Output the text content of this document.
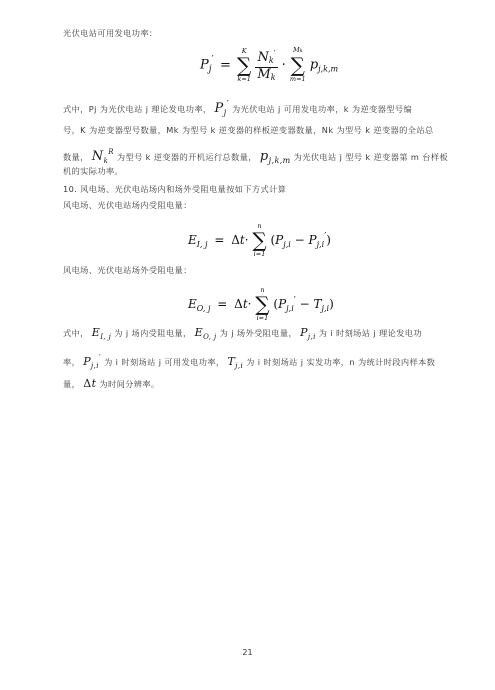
光伏电站可用发电功率：
$P_j'$ =
K
∑
k=1
$\frac{Nk'}{Mk}$ ·
Mk
∑
m=1
$p_{j,k,m}$
式中，Pj 为光伏电站 j 理论发电功率， $P_j'$ 为光伏电站 j 可用发电功率，k 为逆变器型号编
号，K 为逆变器型号数量，Mk 为型号 k 逆变器的样板逆变器数量，Nk 为型号 k 逆变器的全站总
数量， $N_k^R$ 为型号 k 逆变器的开机运行总数量， $p_{j,k,m}$ 为光伏电站 j 型号 k 逆变器第 m 台样板
机的实际功率。
10. 风电场、光伏电站场内和场外受阻电量按如下方式计算
风电场、光伏电站场内受阻电量：
$E_{I, j} = \Delta t\cdot$
n
∑
i=1
$(P_{j,i} - P_{j,i}')$
风电场、光伏电站场外受阻电量：
$E_{O, j} = \Delta t\cdot$
n
∑
i=1
$(P_{j,i}' - T_{j,i})$
式中， $E_{I, j}$ 为 j 场内受阻电量， $E_{O, j}$ 为 j 场外受阻电量， $P_{j,i}$ 为 i 时刻场站 j 理论发电功
率， $P_{j,i}'$ 为 i 时刻场站 j 可用发电功率， $T_{j,i}$ 为 i 时刻场站 j 实发功率，n 为统计时段内样本数
量， Δt 为时间分辨率。
21
